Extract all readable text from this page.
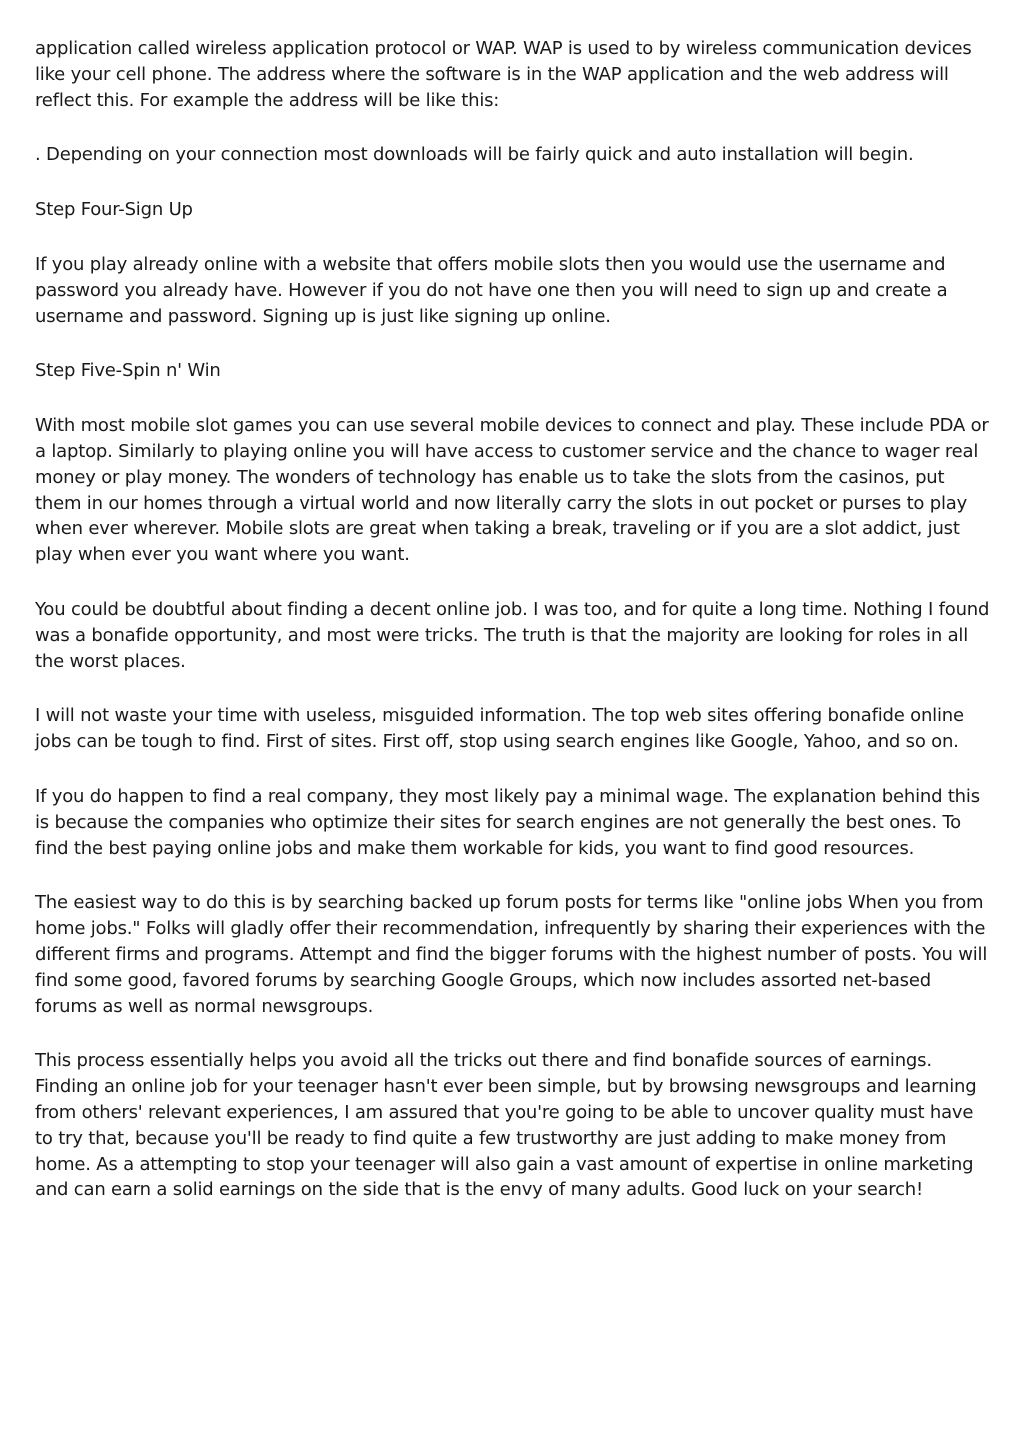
application called wireless application protocol or WAP. WAP is used to by wireless communication devices like your cell phone. The address where the software is in the WAP application and the web address will reflect this. For example the address will be like this:

. Depending on your connection most downloads will be fairly quick and auto installation will begin.

Step Four-Sign Up

If you play already online with a website that offers mobile slots then you would use the username and password you already have. However if you do not have one then you will need to sign up and create a username and password. Signing up is just like signing up online.

Step Five-Spin n' Win

With most mobile slot games you can use several mobile devices to connect and play. These include PDA or a laptop. Similarly to playing online you will have access to customer service and the chance to wager real money or play money. The wonders of technology has enable us to take the slots from the casinos, put them in our homes through a virtual world and now literally carry the slots in out pocket or purses to play when ever wherever. Mobile slots are great when taking a break, traveling or if you are a slot addict, just play when ever you want where you want.

You could be doubtful about finding a decent online job. I was too, and for quite a long time. Nothing I found was a bonafide opportunity, and most were tricks. The truth is that the majority are looking for roles in all the worst places.

I will not waste your time with useless, misguided information. The top web sites offering bonafide online jobs can be tough to find. First of sites. First off, stop using search engines like Google, Yahoo, and so on.

If you do happen to find a real company, they most likely pay a minimal wage. The explanation behind this is because the companies who optimize their sites for search engines are not generally the best ones. To find the best paying online jobs and make them workable for kids, you want to find good resources.

The easiest way to do this is by searching backed up forum posts for terms like "online jobs When you from home jobs." Folks will gladly offer their recommendation, infrequently by sharing their experiences with the different firms and programs. Attempt and find the bigger forums with the highest number of posts. You will find some good, favored forums by searching Google Groups, which now includes assorted net-based forums as well as normal newsgroups.

This process essentially helps you avoid all the tricks out there and find bonafide sources of earnings. Finding an online job for your teenager hasn't ever been simple, but by browsing newsgroups and learning from others' relevant experiences, I am assured that you're going to be able to uncover quality must have to try that, because you'll be ready to find quite a few trustworthy are just adding to make money from home. As a attempting to stop your teenager will also gain a vast amount of expertise in online marketing and can earn a solid earnings on the side that is the envy of many adults. Good luck on your search!
